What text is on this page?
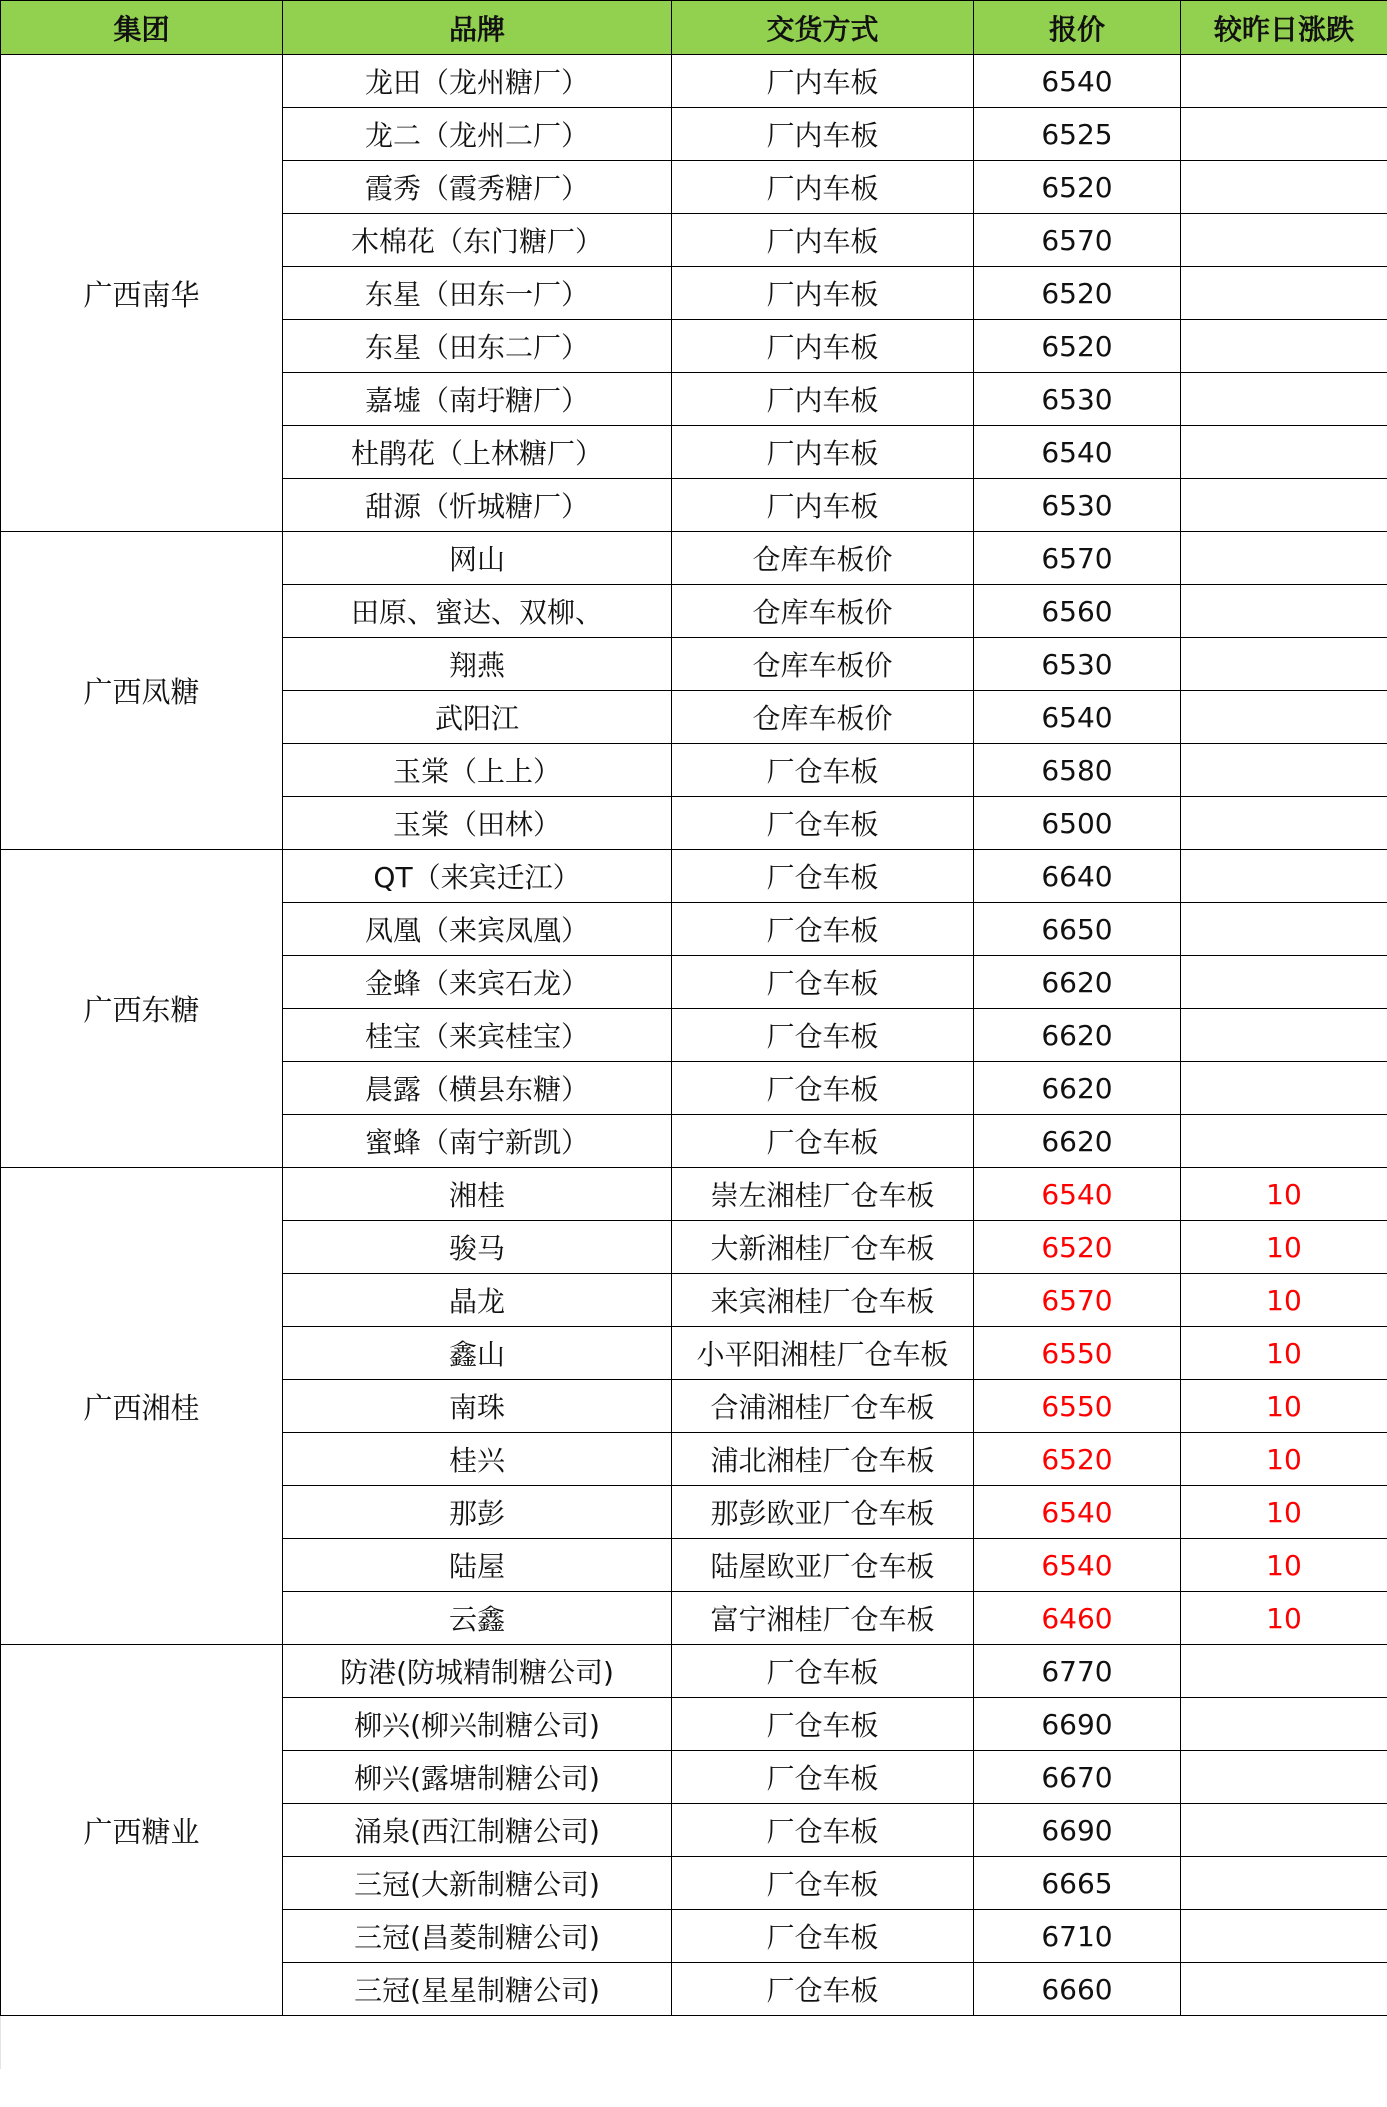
集团	品牌	交货方式	报价	较昨日涨跌
广西南华	龙田（龙州糖厂）	厂内车板	6540	
	龙二（龙州二厂）	厂内车板	6525	
	霞秀（霞秀糖厂）	厂内车板	6520	
	木棉花（东门糖厂）	厂内车板	6570	
	东星（田东一厂）	厂内车板	6520	
	东星（田东二厂）	厂内车板	6520	
	嘉墟（南圩糖厂）	厂内车板	6530	
	杜鹃花（上林糖厂）	厂内车板	6540	
	甜源（忻城糖厂）	厂内车板	6530	
广西凤糖	网山	仓库车板价	6570	
	田原、蜜达、双柳、	仓库车板价	6560	
	翔燕	仓库车板价	6530	
	武阳江	仓库车板价	6540	
	玉棠（上上）	厂仓车板	6580	
	玉棠（田林）	厂仓车板	6500	
广西东糖	QT（来宾迁江）	厂仓车板	6640	
	凤凰（来宾凤凰）	厂仓车板	6650	
	金蜂（来宾石龙）	厂仓车板	6620	
	桂宝（来宾桂宝）	厂仓车板	6620	
	晨露（横县东糖）	厂仓车板	6620	
	蜜蜂（南宁新凯）	厂仓车板	6620	
广西湘桂	湘桂	崇左湘桂厂仓车板	6540	10
	骏马	大新湘桂厂仓车板	6520	10
	晶龙	来宾湘桂厂仓车板	6570	10
	鑫山	小平阳湘桂厂仓车板	6550	10
	南珠	合浦湘桂厂仓车板	6550	10
	桂兴	浦北湘桂厂仓车板	6520	10
	那彭	那彭欧亚厂仓车板	6540	10
	陆屋	陆屋欧亚厂仓车板	6540	10
	云鑫	富宁湘桂厂仓车板	6460	10
广西糖业	防港(防城精制糖公司)	厂仓车板	6770	
	柳兴(柳兴制糖公司)	厂仓车板	6690	
	柳兴(露塘制糖公司)	厂仓车板	6670	
	涌泉(西江制糖公司)	厂仓车板	6690	
	三冠(大新制糖公司)	厂仓车板	6665	
	三冠(昌菱制糖公司)	厂仓车板	6710	
	三冠(星星制糖公司)	厂仓车板	6660	
